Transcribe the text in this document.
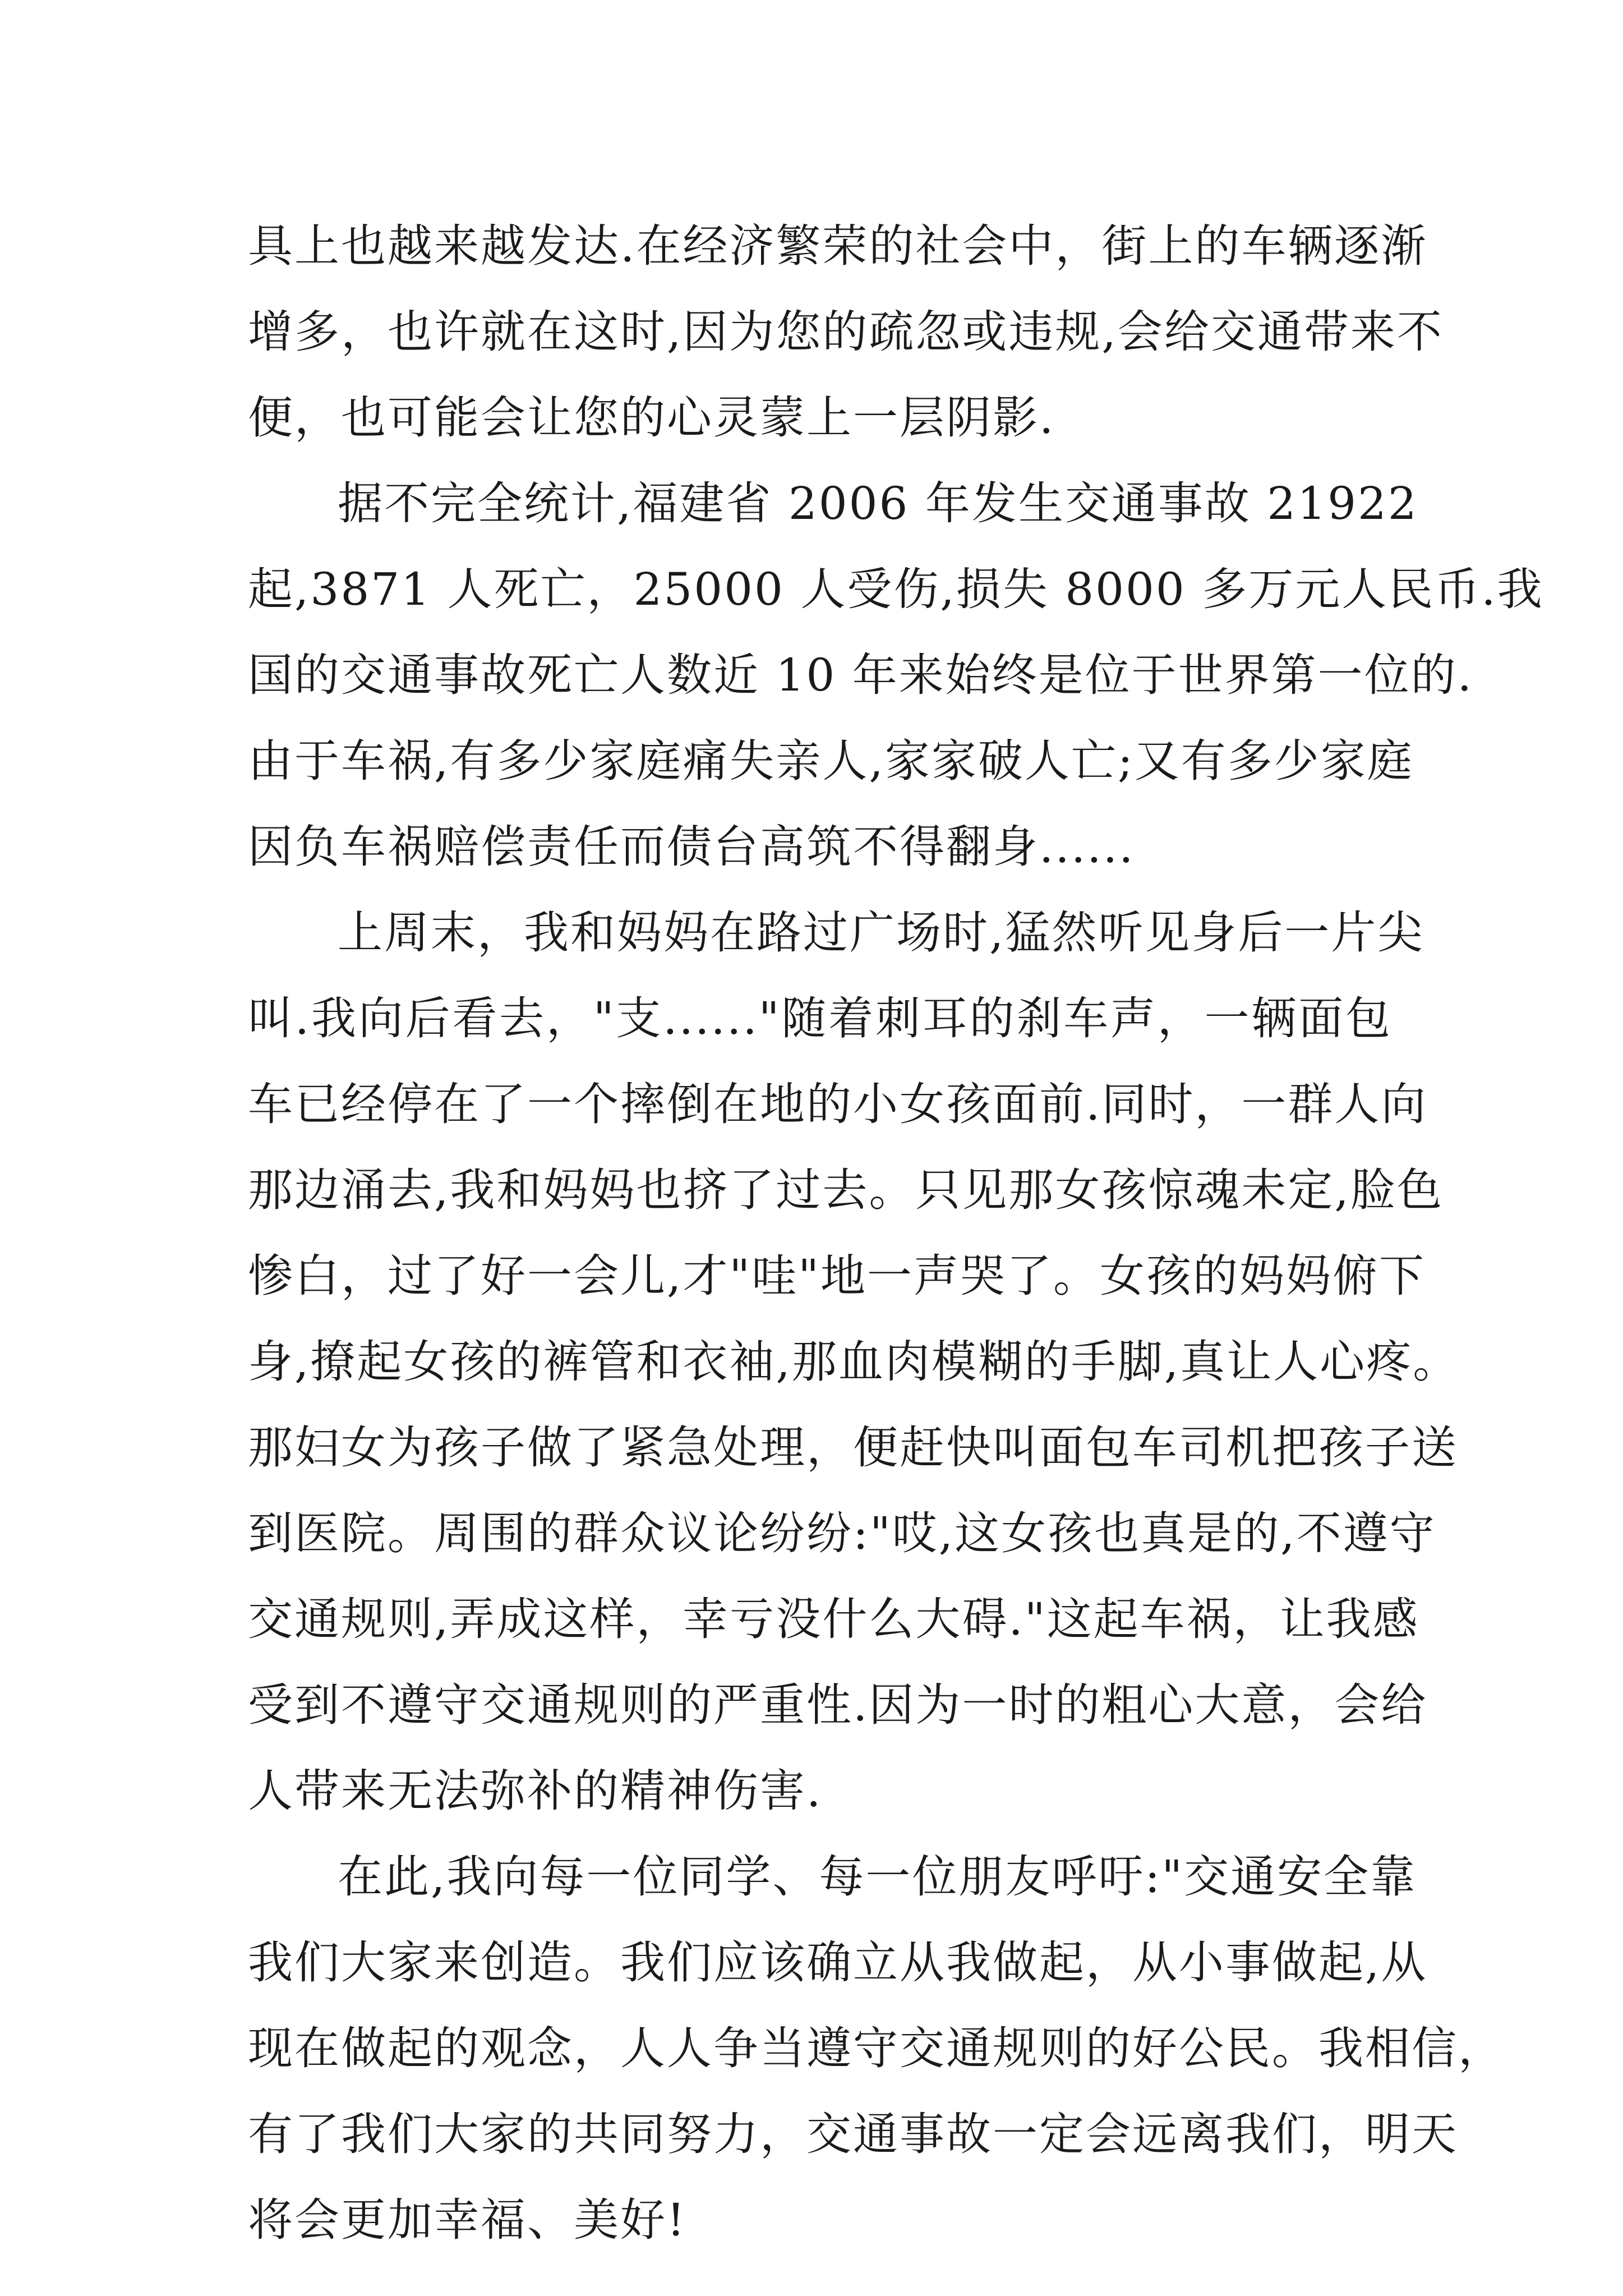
具上也越来越发达.在经济繁荣的社会中，街上的车辆逐渐
增多，也许就在这时,因为您的疏忽或违规,会给交通带来不
便，也可能会让您的心灵蒙上一层阴影.
据不完全统计,福建省 2006 年发生交通事故 21922
起,3871 人死亡，25000 人受伤,损失 8000 多万元人民币.我
国的交通事故死亡人数近 10 年来始终是位于世界第一位的.
由于车祸,有多少家庭痛失亲人,家家破人亡;又有多少家庭
因负车祸赔偿责任而债台高筑不得翻身......
上周末，我和妈妈在路过广场时,猛然听见身后一片尖
叫.我向后看去，"支......"随着刺耳的刹车声，一辆面包
车已经停在了一个摔倒在地的小女孩面前.同时，一群人向
那边涌去,我和妈妈也挤了过去。只见那女孩惊魂未定,脸色
惨白，过了好一会儿,才"哇"地一声哭了。女孩的妈妈俯下
身,撩起女孩的裤管和衣袖,那血肉模糊的手脚,真让人心疼。
那妇女为孩子做了紧急处理，便赶快叫面包车司机把孩子送
到医院。周围的群众议论纷纷:"哎,这女孩也真是的,不遵守
交通规则,弄成这样，幸亏没什么大碍."这起车祸，让我感
受到不遵守交通规则的严重性.因为一时的粗心大意，会给
人带来无法弥补的精神伤害.
在此,我向每一位同学、每一位朋友呼吁:"交通安全靠
我们大家来创造。我们应该确立从我做起，从小事做起,从
现在做起的观念，人人争当遵守交通规则的好公民。我相信，
有了我们大家的共同努力，交通事故一定会远离我们，明天
将会更加幸福、美好!
